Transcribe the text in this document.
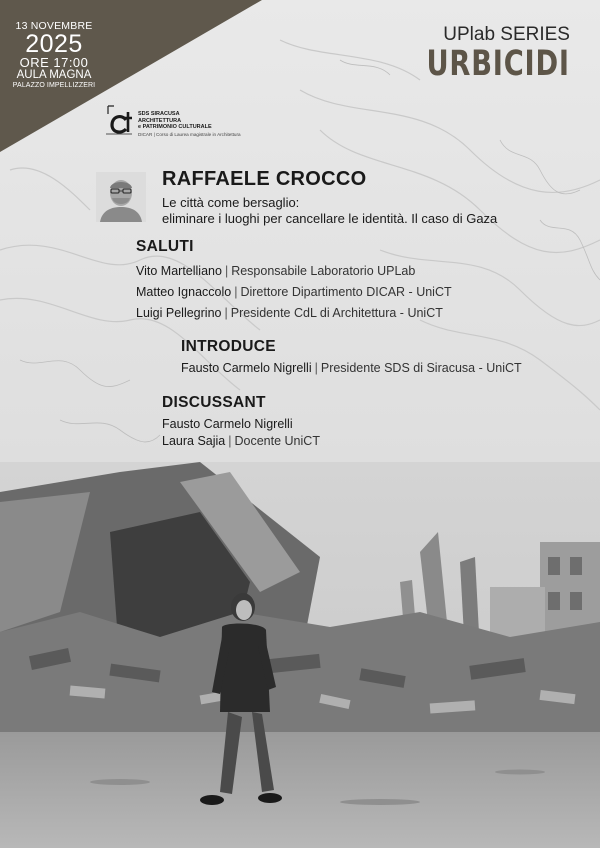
13 NOVEMBRE
2025
ORE 17:00
AULA MAGNA
PALAZZO IMPELLIZZERI
UPlab SERIES
URBICIDI
SDS SIRACUSA
ARCHITETTURA
e PATRIMONIO CULTURALE
DICAR | Corso di Laurea magistrale in Architettura
RAFFAELE CROCCO
Le città come bersaglio:
eliminare i luoghi per cancellare le identità. Il caso di Gaza
SALUTI
Vito Martelliano | Responsabile Laboratorio UPLab
Matteo Ignaccolo | Direttore Dipartimento DICAR - UniCT
Luigi Pellegrino | Presidente CdL di Architettura - UniCT
INTRODUCE
Fausto Carmelo Nigrelli | Presidente SDS di Siracusa - UniCT
DISCUSSANT
Fausto Carmelo Nigrelli
Laura Sajia | Docente UniCT
